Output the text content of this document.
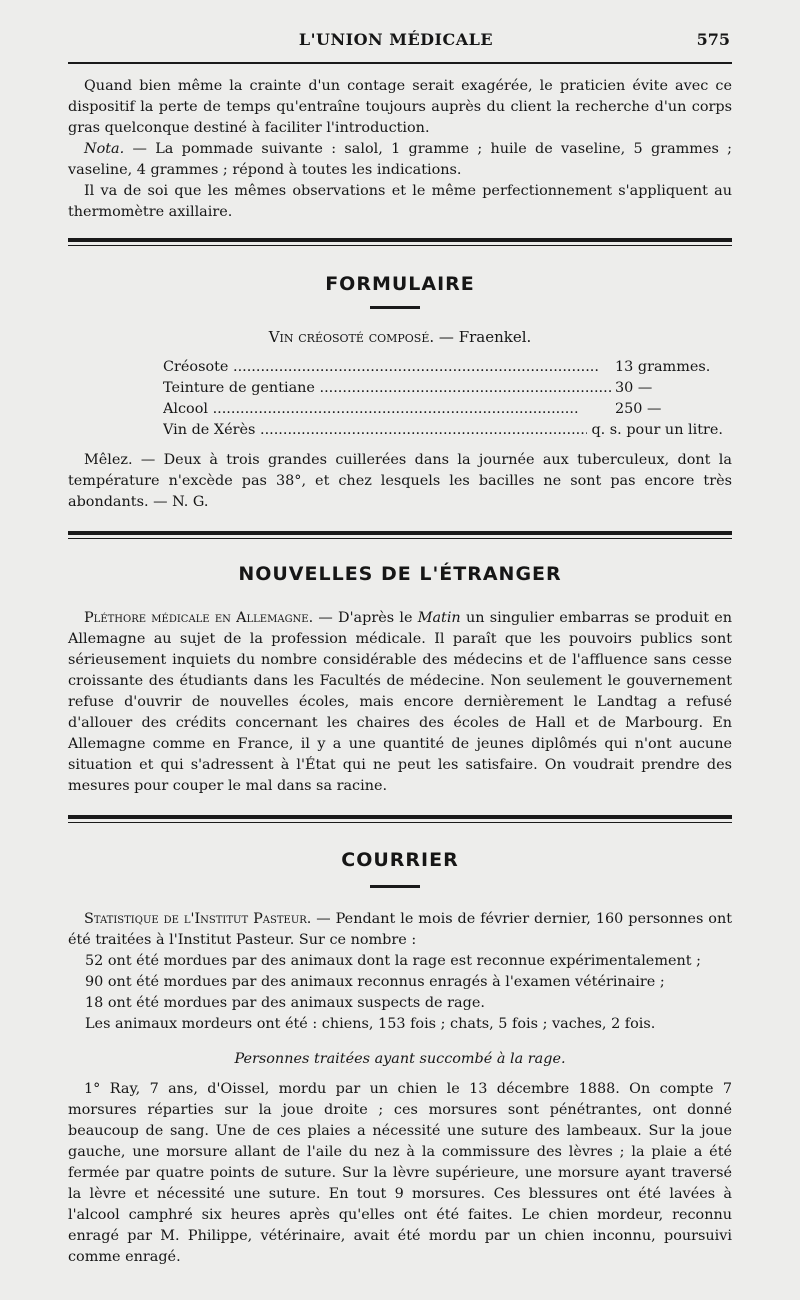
L'UNION MÉDICALE	575

Quand bien même la crainte d'un contage serait exagérée, le praticien évite avec ce dispositif la perte de temps qu'entraîne toujours auprès du client la recherche d'un corps gras quelconque destiné à faciliter l'introduction.

Nota. — La pommade suivante : salol, 1 gramme ; huile de vaseline, 5 grammes ; vaseline, 4 grammes ; répond à toutes les indications.

Il va de soi que les mêmes observations et le même perfectionnement s'appliquent au thermomètre axillaire.

FORMULAIRE
Vin créosoté composé. — Fraenkel.
Créosote .....	13 grammes.
Teinture de gentiane .....	30 —
Alcool .....	250 —
Vin de Xérès .....	q. s. pour un litre.

Mêlez. — Deux à trois grandes cuillerées dans la journée aux tuberculeux, dont la température n'excède pas 38°, et chez lesquels les bacilles ne sont pas encore très abondants. — N. G.

NOUVELLES DE L'ÉTRANGER

Pléthore médicale en Allemagne. — D'après le Matin un singulier embarras se produit en Allemagne au sujet de la profession médicale. Il paraît que les pouvoirs publics sont sérieusement inquiets du nombre considérable des médecins et de l'affluence sans cesse croissante des étudiants dans les Facultés de médecine. Non seulement le gouvernement refuse d'ouvrir de nouvelles écoles, mais encore dernièrement le Landtag a refusé d'allouer des crédits concernant les chaires des écoles de Hall et de Marbourg. En Allemagne comme en France, il y a une quantité de jeunes diplômés qui n'ont aucune situation et qui s'adressent à l'État qui ne peut les satisfaire. On voudrait prendre des mesures pour couper le mal dans sa racine.

COURRIER

Statistique de l'Institut Pasteur. — Pendant le mois de février dernier, 160 personnes ont été traitées à l'Institut Pasteur. Sur ce nombre :

52 ont été mordues par des animaux dont la rage est reconnue expérimentalement ;

90 ont été mordues par des animaux reconnus enragés à l'examen vétérinaire ;

18 ont été mordues par des animaux suspects de rage.

Les animaux mordeurs ont été : chiens, 153 fois ; chats, 5 fois ; vaches, 2 fois.

Personnes traitées ayant succombé à la rage.

1° Ray, 7 ans, d'Oissel, mordu par un chien le 13 décembre 1888. On compte 7 morsures réparties sur la joue droite ; ces morsures sont pénétrantes, ont donné beaucoup de sang. Une de ces plaies a nécessité une suture des lambeaux. Sur la joue gauche, une morsure allant de l'aile du nez à la commissure des lèvres ; la plaie a été fermée par quatre points de suture. Sur la lèvre supérieure, une morsure ayant traversé la lèvre et nécessité une suture. En tout 9 morsures. Ces blessures ont été lavées à l'alcool camphré six heures après qu'elles ont été faites. Le chien mordeur, reconnu enragé par M. Philippe, vétérinaire, avait été mordu par un chien inconnu, poursuivi comme enragé.
